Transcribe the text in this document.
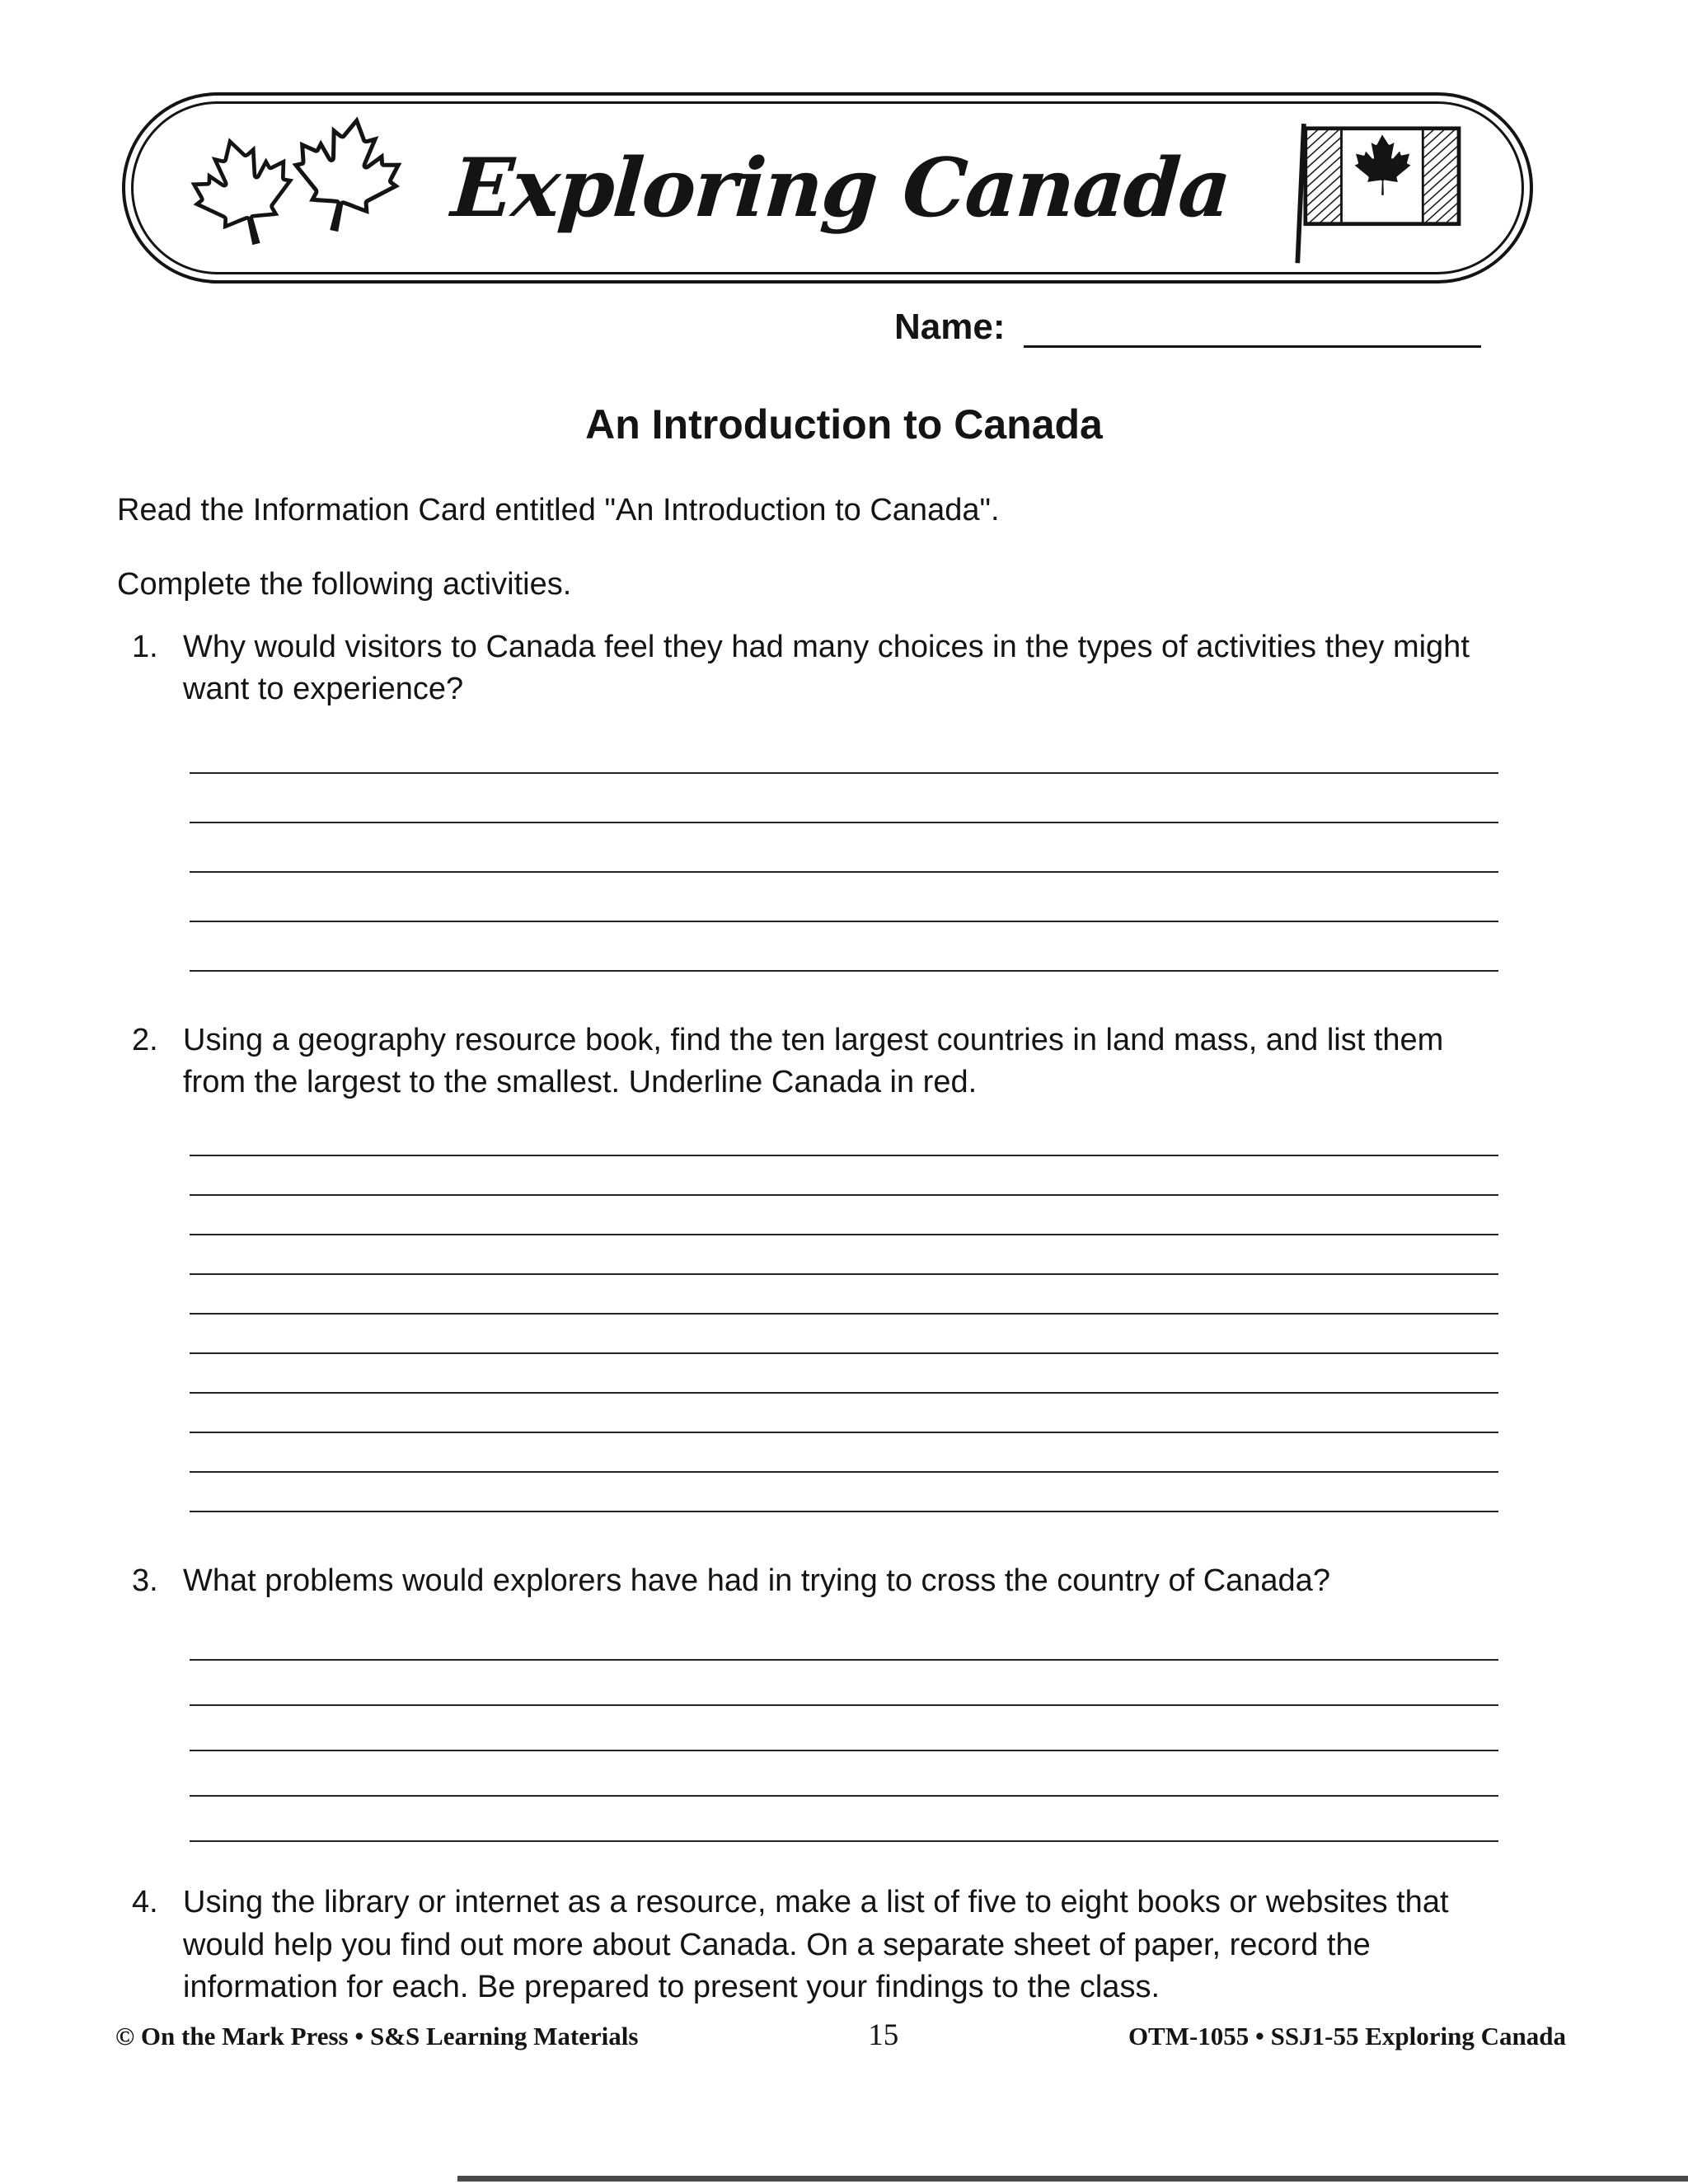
Exploring Canada
Name:
An Introduction to Canada
Read the Information Card entitled "An Introduction to Canada".
Complete the following activities.
1. Why would visitors to Canada feel they had many choices in the types of activities they might want to experience?
2. Using a geography resource book, find the ten largest countries in land mass, and list them from the largest to the smallest. Underline Canada in red.
3. What problems would explorers have had in trying to cross the country of Canada?
4. Using the library or internet as a resource, make a list of five to eight books or websites that would help you find out more about Canada. On a separate sheet of paper, record the information for each. Be prepared to present your findings to the class.
© On the Mark Press • S&S Learning Materials	15	OTM-1055 • SSJ1-55 Exploring Canada
